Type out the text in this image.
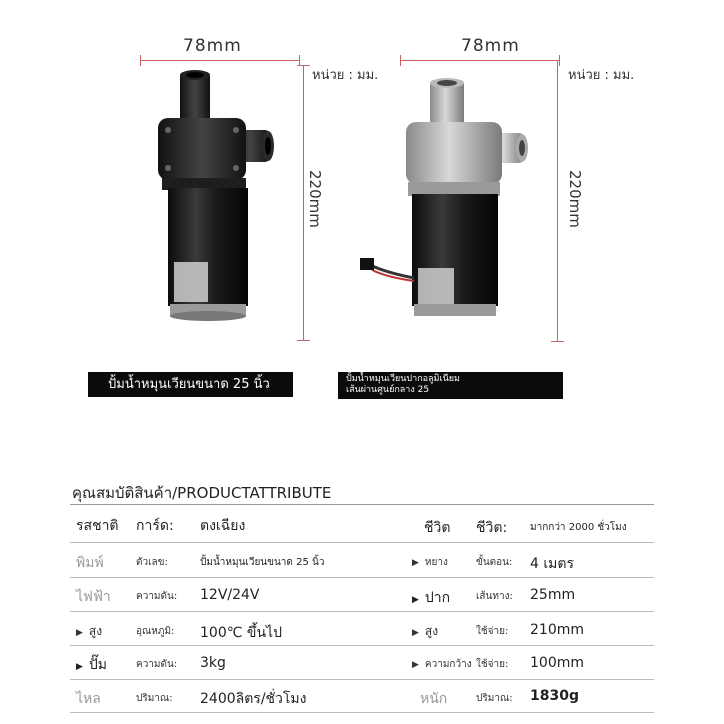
78mm
หน่วย : มม.
220mm
ปั้มน้ำหมุนเวียนขนาด 25 นิ้ว
78mm
หน่วย : มม.
220mm
ปั้มน้ำหมุนเวียนปากอลูมิเนียม
เส้นผ่านศูนย์กลาง 25
คุณสมบัติสินค้า/PRODUCTATTRIBUTE
รสชาติ การ์ด: ตงเฉียง	ชีวิต ชีวิต: มากกว่า 2000 ชั่วโมง
พิมพ์	ตัวเลข:	ปั้มน้ำหมุนเวียนขนาด 25 นิ้ว	▶ หยาง	ขั้นตอน: 4 เมตร
ไฟฟ้า	ความดัน: 12V/24V	▶ ปาก	เส้นทาง: 25mm
▶ สูง	อุณหภูมิ: 100℃ ขึ้นไป	▶ สูง	ใช้จ่าย: 210mm
▶ ปั๊ม	ความดัน: 3kg	▶ ความกว้าง ใช้จ่าย: 100mm
ไหล	ปริมาณ: 2400ลิตร/ชั่วโมง	หนัก	ปริมาณ: 1830g
